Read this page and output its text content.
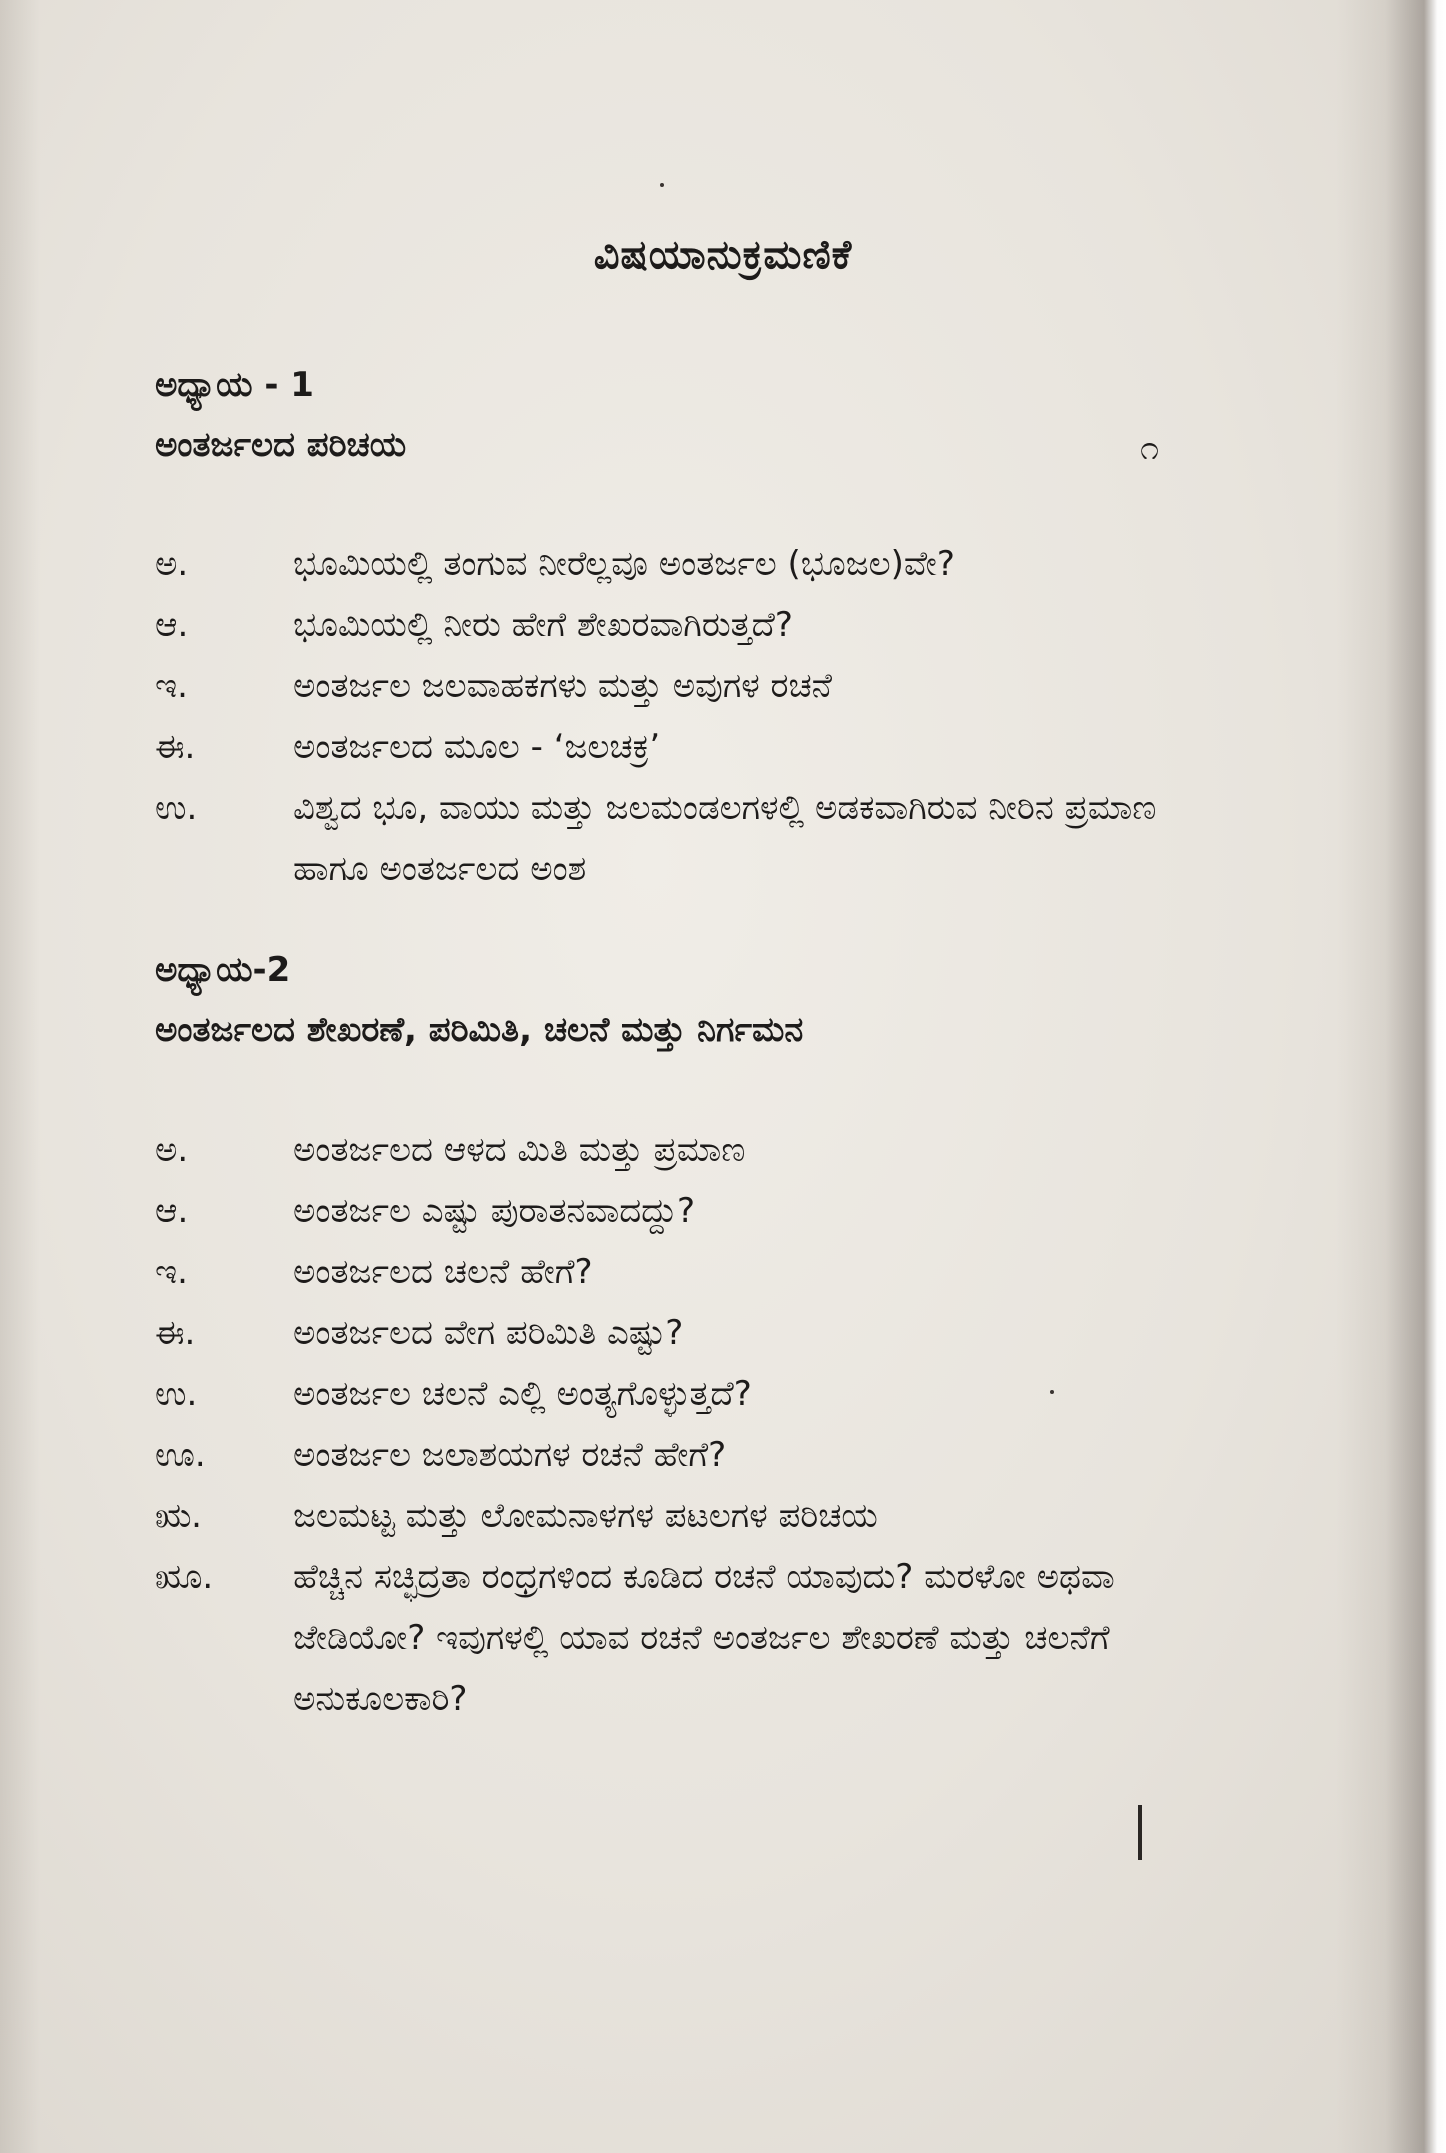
ವಿಷಯಾನುಕ್ರಮಣಿಕೆ
ಅಧ್ಯಾಯ - 1
ಅಂತರ್ಜಲದ ಪರಿಚಯ	೧
ಅ.	ಭೂಮಿಯಲ್ಲಿ ತಂಗುವ ನೀರೆಲ್ಲವೂ ಅಂತರ್ಜಲ (ಭೂಜಲ)ವೇ?
ಆ.	ಭೂಮಿಯಲ್ಲಿ ನೀರು ಹೇಗೆ ಶೇಖರವಾಗಿರುತ್ತದೆ?
ಇ.	ಅಂತರ್ಜಲ ಜಲವಾಹಕಗಳು ಮತ್ತು ಅವುಗಳ ರಚನೆ
ಈ.	ಅಂತರ್ಜಲದ ಮೂಲ - ‘ಜಲಚಕ್ರ’
ಉ.	ವಿಶ್ವದ ಭೂ, ವಾಯು ಮತ್ತು ಜಲಮಂಡಲಗಳಲ್ಲಿ ಅಡಕವಾಗಿರುವ ನೀರಿನ ಪ್ರಮಾಣ ಹಾಗೂ ಅಂತರ್ಜಲದ ಅಂಶ
ಅಧ್ಯಾಯ-2
ಅಂತರ್ಜಲದ ಶೇಖರಣೆ, ಪರಿಮಿತಿ, ಚಲನೆ ಮತ್ತು ನಿರ್ಗಮನ
ಅ.	ಅಂತರ್ಜಲದ ಆಳದ ಮಿತಿ ಮತ್ತು ಪ್ರಮಾಣ
ಆ.	ಅಂತರ್ಜಲ ಎಷ್ಟು ಪುರಾತನವಾದದ್ದು?
ಇ.	ಅಂತರ್ಜಲದ ಚಲನೆ ಹೇಗೆ?
ಈ.	ಅಂತರ್ಜಲದ ವೇಗ ಪರಿಮಿತಿ ಎಷ್ಟು?
ಉ.	ಅಂತರ್ಜಲ ಚಲನೆ ಎಲ್ಲಿ ಅಂತ್ಯಗೊಳ್ಳುತ್ತದೆ?
ಊ.	ಅಂತರ್ಜಲ ಜಲಾಶಯಗಳ ರಚನೆ ಹೇಗೆ?
ಋ.	ಜಲಮಟ್ಟ ಮತ್ತು ಲೋಮನಾಳಗಳ ಪಟಲಗಳ ಪರಿಚಯ
ೠ.	ಹೆಚ್ಚಿನ ಸಚ್ಛಿದ್ರತಾ ರಂಧ್ರಗಳಿಂದ ಕೂಡಿದ ರಚನೆ ಯಾವುದು? ಮರಳೋ ಅಥವಾ ಜೇಡಿಯೋ? ಇವುಗಳಲ್ಲಿ ಯಾವ ರಚನೆ ಅಂತರ್ಜಲ ಶೇಖರಣೆ ಮತ್ತು ಚಲನೆಗೆ ಅನುಕೂಲಕಾರಿ?
